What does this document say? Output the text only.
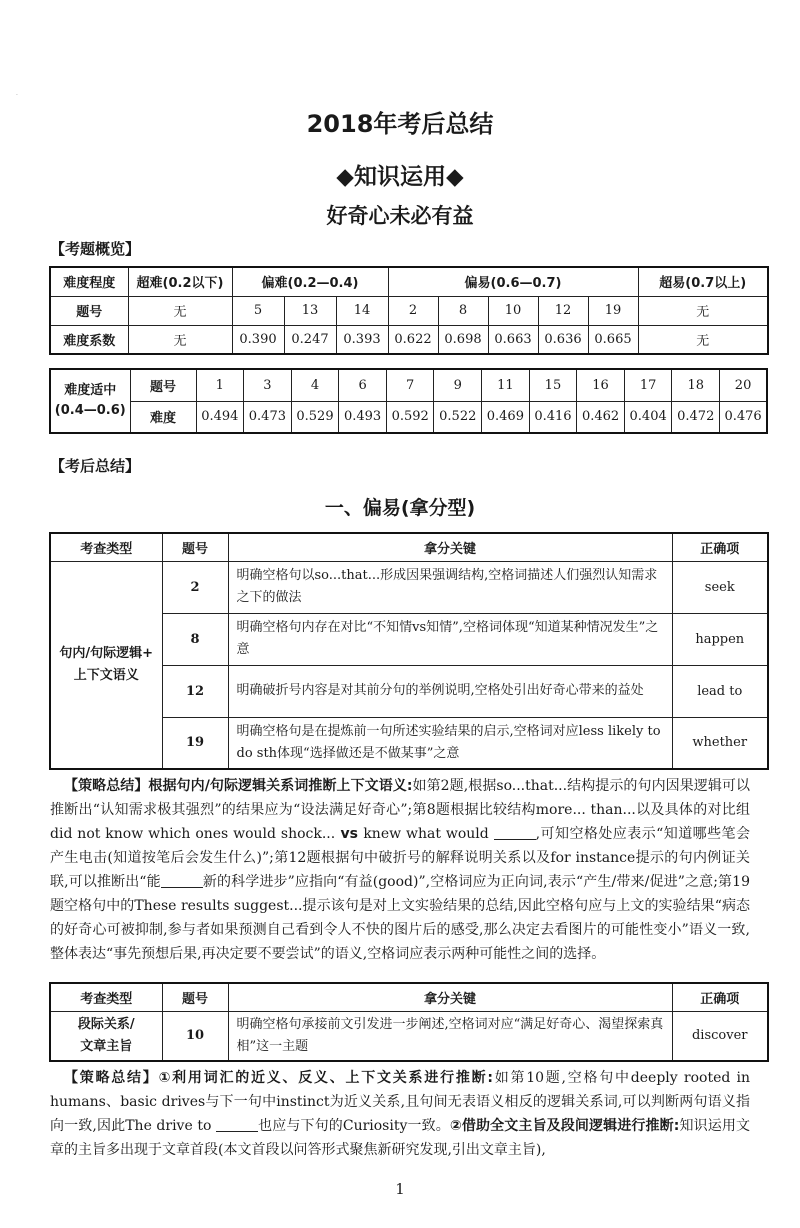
·
2018年考后总结
◆知识运用◆
好奇心未必有益
【考题概览】
难度程度	超难(0.2以下)	偏难(0.2—0.4)			偏易(0.6—0.7)					超易(0.7以上)
题号	无	5	13	14	2	8	10	12	19	无
难度系数	无	0.390	0.247	0.393	0.622	0.698	0.663	0.636	0.665	无
难度适中
(0.4—0.6)	题号	1	3	4	6	7	9	11	15	16	17	18	20
	难度	0.494	0.473	0.529	0.493	0.592	0.522	0.469	0.416	0.462	0.404	0.472	0.476
【考后总结】
一、偏易(拿分型)
考查类型	题号	拿分关键	正确项

句内/句际逻辑+
上下文语义	2	明确空格句以so...that...形成因果强调结构,空格词描述人们强烈认知需求之下的做法	seek
	8	明确空格句内存在对比“不知情vs知情”,空格词体现“知道某种情况发生”之意	happen
	12	明确破折号内容是对其前分句的举例说明,空格处引出好奇心带来的益处	lead to
	19	明确空格句是在提炼前一句所述实验结果的启示,空格词对应less likely to do sth体现“选择做还是不做某事”之意	whether

【策略总结】根据句内/句际逻辑关系词推断上下文语义:如第2题,根据so...that...结构提示的句内因果逻辑可以推断出“认知需求极其强烈”的结果应为“设法满足好奇心”;第8题根据比较结构more... than...以及具体的对比组did not know which ones would shock... vs knew what would	,可知空格处应表示“知道哪些笔会产生电击(知道按笔后会发生什么)”;第12题根据句中破折号的解释说明关系以及for instance提示的句内例证关联,可以推断出“能	新的科学进步”应指向“有益(good)”,空格词应为正向词,表示“产生/带来/促进”之意;第19题空格句中的These results suggest...提示该句是对上文实验结果的总结,因此空格句应与上文的实验结果“病态的好奇心可被抑制,参与者如果预测自己看到令人不快的图片后的感受,那么决定去看图片的可能性变小”语义一致,整体表达“事先预想后果,再决定要不要尝试”的语义,空格词应表示两种可能性之间的选择。

考查类型	题号	拿分关键	正确项

段际关系/
文章主旨	10	明确空格句承接前文引发进一步阐述,空格词对应“满足好奇心、渴望探索真相”这一主题	discover

【策略总结】①利用词汇的近义、反义、上下文关系进行推断:如第10题,空格句中deeply rooted in humans、basic drives与下一句中instinct为近义关系,且句间无表语义相反的逻辑关系词,可以判断两句语义指向一致,因此The drive to	也应与下句的Curiosity一致。②借助全文主旨及段间逻辑进行推断:知识运用文章的主旨多出现于文章首段(本文首段以问答形式聚焦新研究发现,引出文章主旨),

1
